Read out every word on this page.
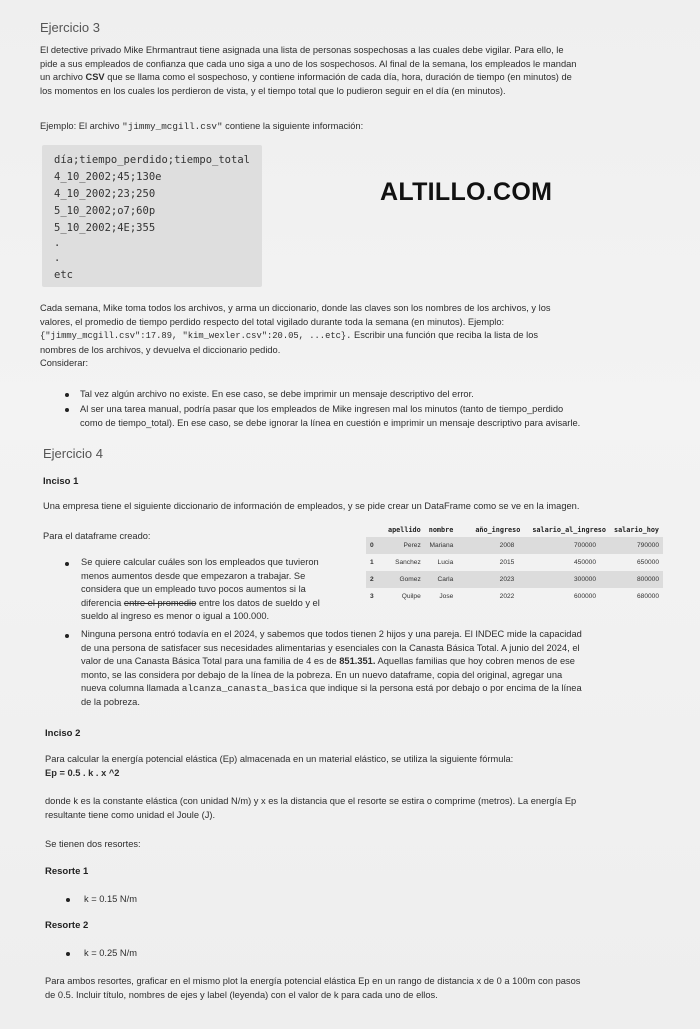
Ejercicio 3
El detective privado Mike Ehrmantraut tiene asignada una lista de personas sospechosas a las cuales debe vigilar. Para ello, le
pide a sus empleados de confianza que cada uno siga a uno de los sospechosos. Al final de la semana, los empleados le mandan
un archivo CSV que se llama como el sospechoso, y contiene información de cada día, hora, duración de tiempo (en minutos) de
los momentos en los cuales los perdieron de vista, y el tiempo total que lo pudieron seguir en el día (en minutos).
Ejemplo: El archivo "jimmy_mcgill.csv" contiene la siguiente información:
día;tiempo_perdido;tiempo_total
4_10_2002;45;130e
4_10_2002;23;250
5_10_2002;o7;60p
5_10_2002;4E;355
.
.
etc
ALTILLO.COM
Cada semana, Mike toma todos los archivos, y arma un diccionario, donde las claves son los nombres de los archivos, y los
valores, el promedio de tiempo perdido respecto del total vigilado durante toda la semana (en minutos). Ejemplo:
{"jimmy_mcgill.csv":17.89, "kim_wexler.csv":20.05, ...etc}. Escribir una función que reciba la lista de los
nombres de los archivos, y devuelva el diccionario pedido.
Considerar:
Tal vez algún archivo no existe. En ese caso, se debe imprimir un mensaje descriptivo del error.
Al ser una tarea manual, podría pasar que los empleados de Mike ingresen mal los minutos (tanto de tiempo_perdido
como de tiempo_total). En ese caso, se debe ignorar la línea en cuestión e imprimir un mensaje descriptivo para avisarle.
Ejercicio 4
Inciso 1
Una empresa tiene el siguiente diccionario de información de empleados, y se pide crear un DataFrame como se ve en la imagen.
Para el dataframe creado:
	apellido	nombre	año_ingreso	salario_al_ingreso	salario_hoy
0	Perez	Mariana	2008	700000	790000
1	Sanchez	Lucia	2015	450000	650000
2	Gomez	Carla	2023	300000	800000
3	Quilpe	Jose	2022	600000	680000
Se quiere calcular cuáles son los empleados que tuvieron
menos aumentos desde que empezaron a trabajar. Se
considera que un empleado tuvo pocos aumentos si la
diferencia entre el promedio entre los datos de sueldo y el
sueldo al ingreso es menor o igual a 100.000.
Ninguna persona entró todavía en el 2024, y sabemos que todos tienen 2 hijos y una pareja. El INDEC mide la capacidad
de una persona de satisfacer sus necesidades alimentarias y esenciales con la Canasta Básica Total. A junio del 2024, el
valor de una Canasta Básica Total para una familia de 4 es de 851.351. Aquellas familias que hoy cobren menos de ese
monto, se las considera por debajo de la línea de la pobreza. En un nuevo dataframe, copia del original, agregar una
nueva columna llamada alcanza_canasta_basica que indique si la persona está por debajo o por encima de la línea
de la pobreza.
Inciso 2
Para calcular la energía potencial elástica (Ep) almacenada en un material elástico, se utiliza la siguiente fórmula:
Ep = 0.5 . k . x ^2
donde k es la constante elástica (con unidad N/m) y x es la distancia que el resorte se estira o comprime (metros). La energía Ep
resultante tiene como unidad el Joule (J).
Se tienen dos resortes:
Resorte 1
k = 0.15 N/m
Resorte 2
k = 0.25 N/m
Para ambos resortes, graficar en el mismo plot la energía potencial elástica Ep en un rango de distancia x de 0 a 100m con pasos
de 0.5. Incluir título, nombres de ejes y label (leyenda) con el valor de k para cada uno de ellos.
